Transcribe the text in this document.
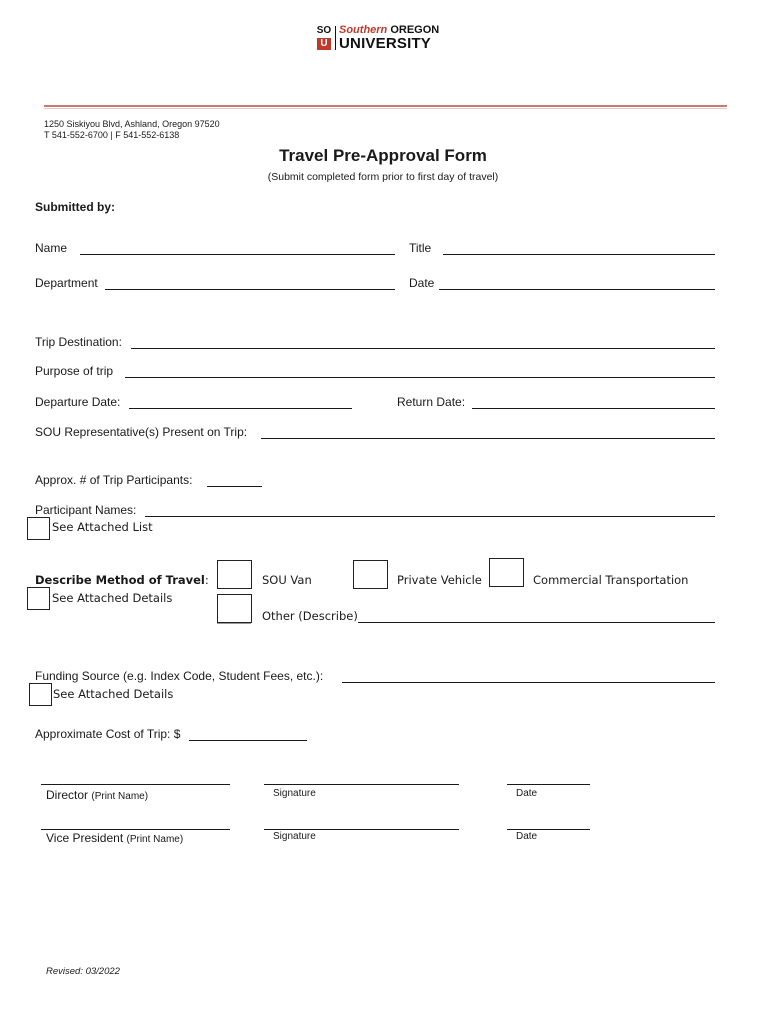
SO
U
Southern OREGON
UNIVERSITY
1250 Siskiyou Blvd, Ashland, Oregon 97520
T 541-552-6700 | F 541-552-6138
Travel Pre-Approval Form
(Submit completed form prior to first day of travel)
Submitted by:
Name	Title
Department	Date
Trip Destination:
Purpose of trip
Departure Date:	Return Date:
SOU Representative(s) Present on Trip:
Approx. # of Trip Participants:
Participant Names:
See Attached List
Describe Method of Travel:
See Attached Details
SOU Van	Private Vehicle	Commercial Transportation
Other (Describe)
Funding Source (e.g. Index Code, Student Fees, etc.):
See Attached Details
Approximate Cost of Trip: $
Director (Print Name)	Signature	Date
Vice President (Print Name)	Signature	Date
Revised: 03/2022
